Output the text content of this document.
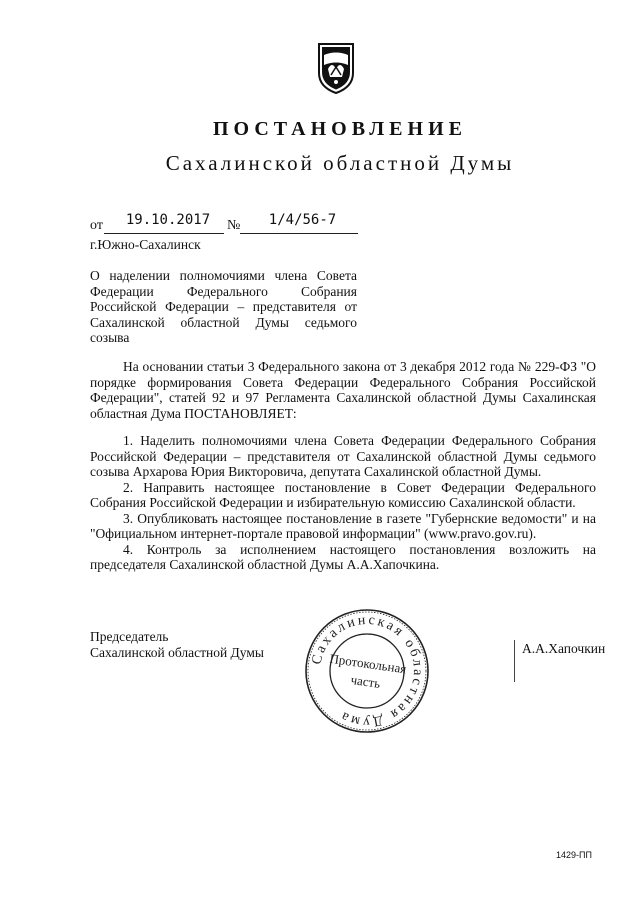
ПОСТАНОВЛЕНИЕ
Сахалинской областной Думы
от	19.10.2017	№	1/4/56-7
г.Южно-Сахалинск
О наделении полномочиями члена Совета Федерации Федерального Собрания Российской Федерации – представителя от Сахалинской областной Думы седьмого созыва

На основании статьи 3 Федерального закона от 3 декабря 2012 года № 229-ФЗ "О порядке формирования Совета Федерации Федерального Собрания Российской Федерации", статей 92 и 97 Регламента Сахалинской областной Думы Сахалинская областная Дума ПОСТАНОВЛЯЕТ:

1. Наделить полномочиями члена Совета Федерации Федерального Собрания Российской Федерации – представителя от Сахалинской областной Думы седьмого созыва Архарова Юрия Викторовича, депутата Сахалинской областной Думы.

2. Направить настоящее постановление в Совет Федерации Федерального Собрания Российской Федерации и избирательную комиссию Сахалинской области.

3. Опубликовать настоящее постановление в газете "Губернские ведомости" и на "Официальном интернет-портале правовой информации" (www.pravo.gov.ru).

4. Контроль за исполнением настоящего постановления возложить на председателя Сахалинской областной Думы А.А.Хапочкина.

Председатель
Сахалинской областной Думы	Сахалинская областная Дума
Протокольная
часть
А.А.Хапочкин
1429-ПП
